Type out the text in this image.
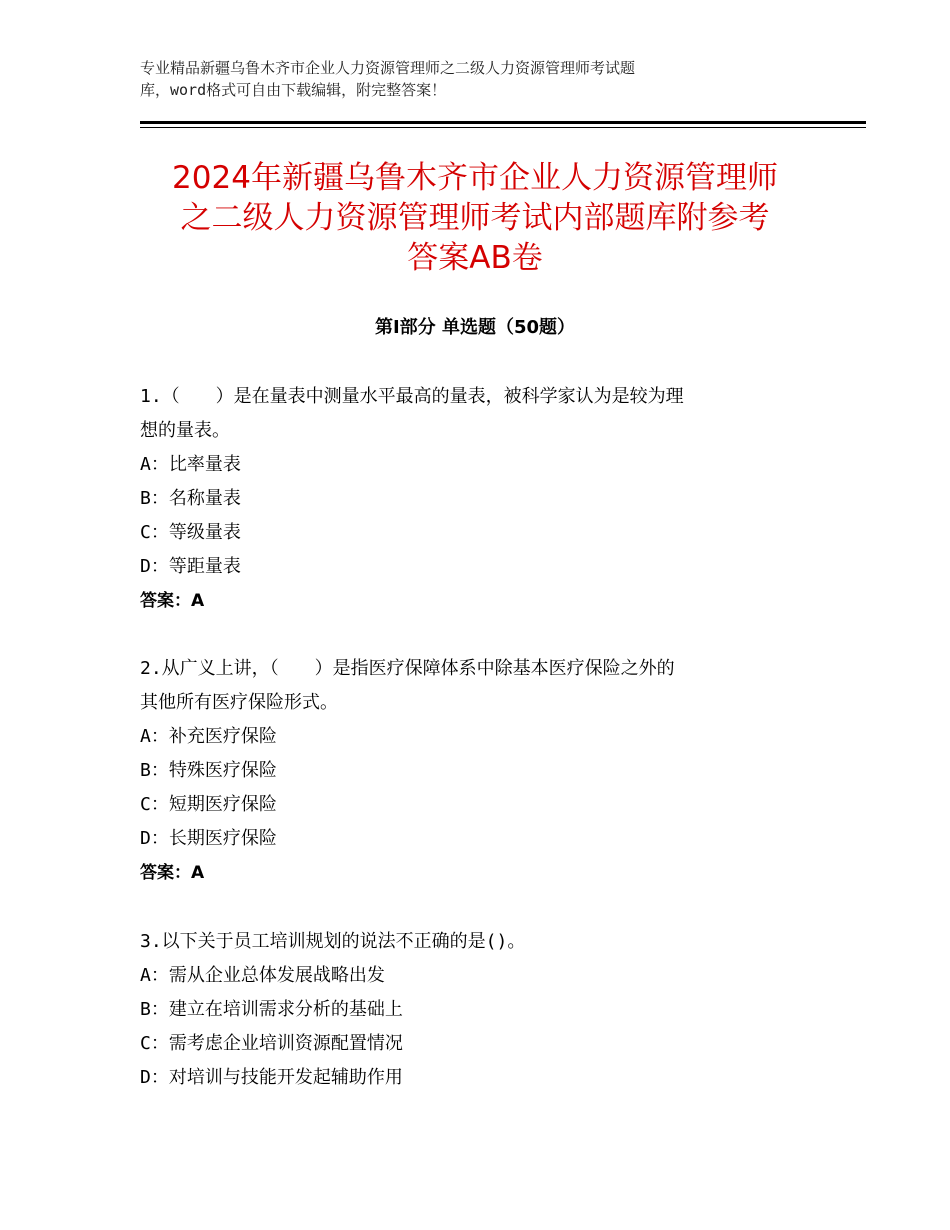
专业精品新疆乌鲁木齐市企业人力资源管理师之二级人力资源管理师考试题
库，word格式可自由下载编辑，附完整答案！
2024年新疆乌鲁木齐市企业人力资源管理师
之二级人力资源管理师考试内部题库附参考
答案AB卷
第Ⅰ部分 单选题（50题）
1.（　　）是在量表中测量水平最高的量表，被科学家认为是较为理
想的量表。
A：比率量表
B：名称量表
C：等级量表
D：等距量表
答案：A
2.从广义上讲，（　　）是指医疗保障体系中除基本医疗保险之外的
其他所有医疗保险形式。
A：补充医疗保险
B：特殊医疗保险
C：短期医疗保险
D：长期医疗保险
答案：A
3.以下关于员工培训规划的说法不正确的是()。
A：需从企业总体发展战略出发
B：建立在培训需求分析的基础上
C：需考虑企业培训资源配置情况
D：对培训与技能开发起辅助作用
